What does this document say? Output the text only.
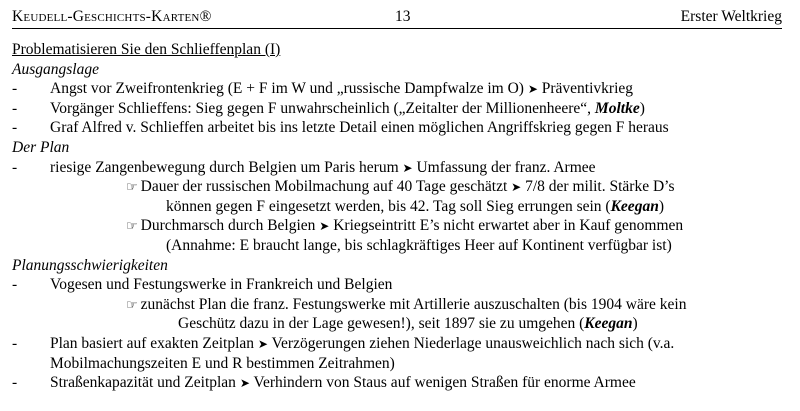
Keudell-Geschichts-Karten®	13	Erster Weltkrieg
Problematisieren Sie den Schlieffenplan (I)
Ausgangslage
- Angst vor Zweifrontenkrieg (E + F im W und „russische Dampfwalze im O) ➤ Präventivkrieg
- Vorgänger Schlieffens: Sieg gegen F unwahrscheinlich („Zeitalter der Millionenheere“, Moltke)
- Graf Alfred v. Schlieffen arbeitet bis ins letzte Detail einen möglichen Angriffskrieg gegen F heraus
Der Plan
- riesige Zangenbewegung durch Belgien um Paris herum ➤ Umfassung der franz. Armee
☞ Dauer der russischen Mobilmachung auf 40 Tage geschätzt ➤ 7/8 der milit. Stärke D’s
können gegen F eingesetzt werden, bis 42. Tag soll Sieg errungen sein (Keegan)
☞ Durchmarsch durch Belgien ➤ Kriegseintritt E’s nicht erwartet aber in Kauf genommen
(Annahme: E braucht lange, bis schlagkräftiges Heer auf Kontinent verfügbar ist)
Planungsschwierigkeiten
- Vogesen und Festungswerke in Frankreich und Belgien
☞ zunächst Plan die franz. Festungswerke mit Artillerie auszuschalten (bis 1904 wäre kein
Geschütz dazu in der Lage gewesen!), seit 1897 sie zu umgehen (Keegan)
- Plan basiert auf exakten Zeitplan ➤ Verzögerungen ziehen Niederlage unausweichlich nach sich (v.a.
Mobilmachungszeiten E und R bestimmen Zeitrahmen)
- Straßenkapazität und Zeitplan ➤ Verhindern von Staus auf wenigen Straßen für enorme Armee
